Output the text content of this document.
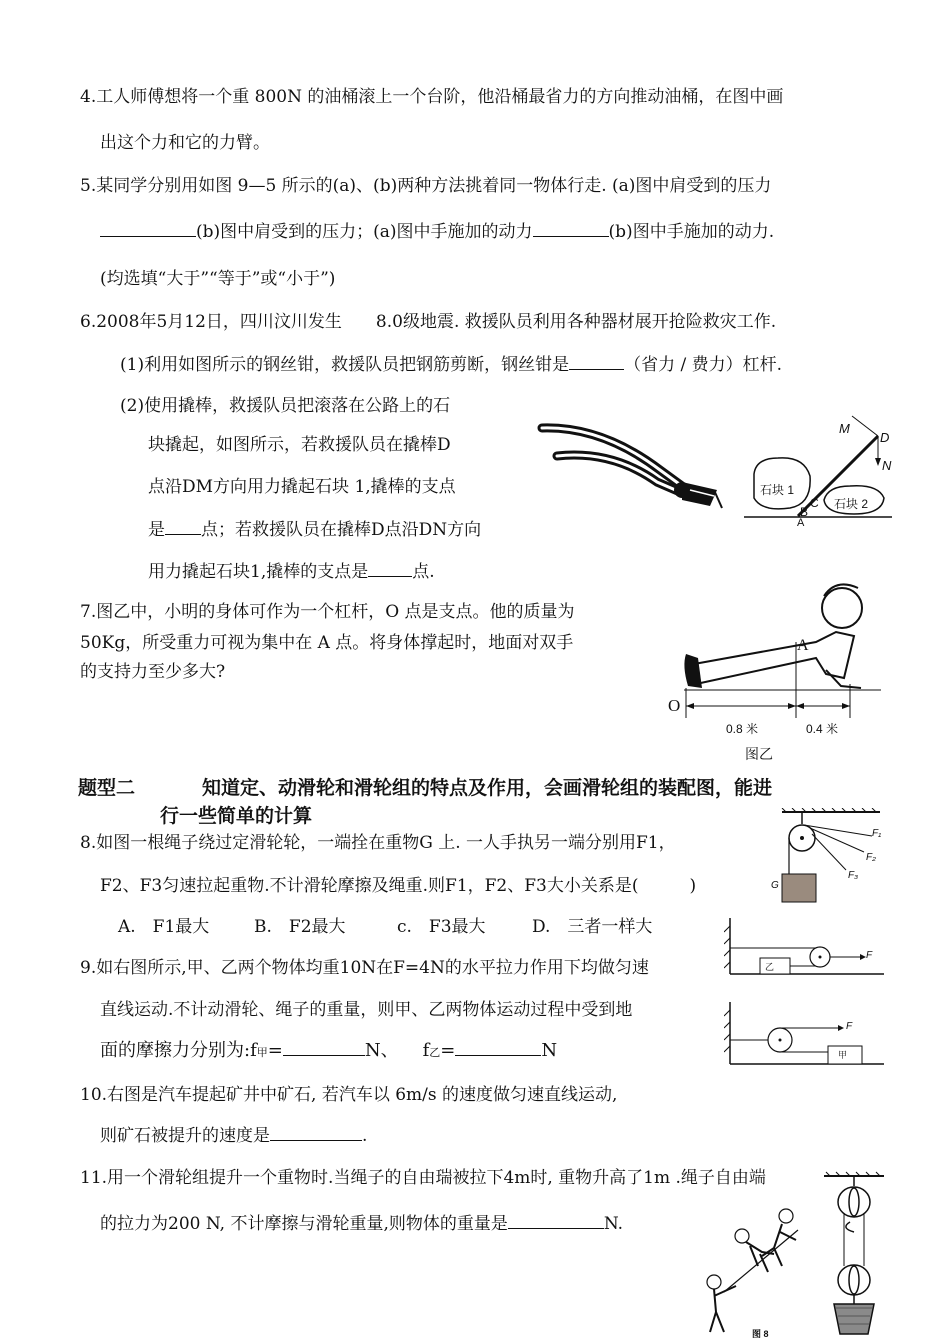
4.工人师傅想将一个重 800N 的油桶滚上一个台阶，他沿桶最省力的方向推动油桶，在图中画
出这个力和它的力臂。
5.某同学分别用如图 9—5 所示的(a)、(b)两种方法挑着同一物体行走. (a)图中肩受到的压力
(b)图中肩受到的压力；(a)图中手施加的动力	(b)图中手施加的动力.
(均选填“大于”“等于”或“小于”)
6.2008年5月12日，四川汶川发生　　8.0级地震. 救援队员利用各种器材展开抢险救灾工作.
(1)利用如图所示的钢丝钳，救援队员把钢筋剪断，钢丝钳是	（省力 / 费力）杠杆.
(2)使用撬棒，救援队员把滚落在公路上的石
块撬起，如图所示，若救援队员在撬棒D
点沿DM方向用力撬起石块 1,撬棒的支点
是 点；若救援队员在撬棒D点沿DN方向
用力撬起石块1,撬棒的支点是	点.
M
D
N
C
B
A
石块 1
石块 2
7.图乙中，小明的身体可作为一个杠杆，O 点是支点。他的质量为
50Kg，所受重力可视为集中在 A 点。将身体撑起时，地面对双手
的支持力至少多大?
O
A
0.8 米	0.4 米
图乙
题型二	知道定、动滑轮和滑轮组的特点及作用，会画滑轮组的装配图，能进
行一些简单的计算
8.如图一根绳子绕过定滑轮轮，一端拴在重物G 上. 一人手执另一端分别用F1，
F2、F3匀速拉起重物.不计滑轮摩擦及绳重.则F1，F2、F3大小关系是(　　　)
A.　F1最大	B.　F2最大	c.　F3最大	D.　三者一样大
G
F₁
F₂
F₃
9.如右图所示,甲、乙两个物体均重10N在F=4N的水平拉力作用下均做匀速
直线运动.不计动滑轮、绳子的重量，则甲、乙两物体运动过程中受到地
面的摩擦力分别为:f甲=	N、 f乙=	N
乙
甲
F
F
10.右图是汽车提起矿井中矿石, 若汽车以 6m/s 的速度做匀速直线运动,
则矿石被提升的速度是	.
11.用一个滑轮组提升一个重物时.当绳子的自由瑞被拉下4m时, 重物升高了1m .绳子自由端
的拉力为200 N, 不计摩擦与滑轮重量,则物体的重量是	N.
图 8
